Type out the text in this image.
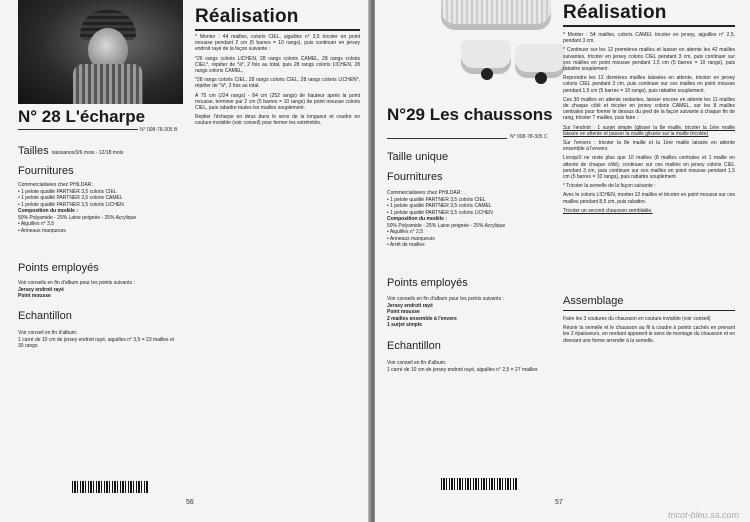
N° 28 L'écharpe
N° 008-78-305 B
Tailles naissance/3/6 mois - 12/18 mois
Fournitures
Commercialisées chez PHILDAR:
• 1 pelote qualité PARTNER 3,5 coloris CIEL
• 1 pelote qualité PARTNER 3,5 coloris CAMEL
• 1 pelote qualité PARTNER 3,5 coloris LICHEN
Composition du modèle :
50% Polyamide - 25% Laine peignée - 25% Acrylique
• Aiguilles n° 3,5
• Anneaux marqueurs
Points employés
Voir conseils en fin d'album pour les points suivants :
Jersey endroit rayé
Point mousse
Echantillon
Voir conseil en fin d'album.
1 carré de 10 cm de jersey endroit rayé, aiguilles n° 3,5 = 23 mailles et
30 rangs
Réalisation

* Monter : 44 mailles, coloris CIEL, aiguilles n° 3,5 tricoter en point mousse pendant 2 cm (5 barres = 10 rangs), puis continuer en jersey endroit rayé de la façon suivante :

*26 rangs coloris LICHEN, 28 rangs coloris CAMEL, 28 rangs coloris CIEL*, répéter de *à*, 2 fois au total, puis 28 rangs coloris LICHEN, 28 rangs coloris CAMEL,

*28 rangs coloris CIEL, 28 rangs coloris CIEL, 28 rangs coloris LICHEN*, répéter de *à*, 3 fois au total.

A 75 cm (224 rangs) - 84 cm (252 rangs) de hauteur après la point mousse, terminer par 2 cm (5 barres = 10 rangs) de point mousse coloris CIEL, puis rabattre toutes les mailles souplement.

Replier l'écharpe en deux dans le sens de la longueur et coudre en couture invisible (voir conseil) pour fermer les extrémités.

56
N°29 Les chaussons
N° 008-78-305 C
Taille unique
Fournitures
Commercialisées chez PHILDAR:
• 1 pelote qualité PARTNER 3,5 coloris CIEL
• 1 pelote qualité PARTNER 3,5 coloris CAMEL
• 1 pelote qualité PARTNER 3,5 coloris LICHEN
Composition du modèle :
50% Polyamide - 25% Laine peignée - 25% Acrylique
• Aiguilles n° 2,5
• Anneaux marqueurs
• Arrêt de mailles
Points employés
Voir conseils en fin d'album pour les points suivants :
Jersey endroit rayé
Point mousse
2 mailles ensemble à l'envers
1 surjet simple
Echantillon
Voir conseil en fin d'album.
1 carré de 10 cm de jersey endroit rayé, aiguilles n° 2,5 = 27 mailles
Réalisation

* Monter : 54 mailles, coloris CAMEL tricoter en jersey, aiguilles n° 2,5, pendant 3 cm.

* Continuer sur les 12 premières mailles et laisser en attente les 42 mailles suivantes, tricoter en jersey coloris CIEL pendant 3 cm, puis continuer sur ces mailles en point mousse pendant 1,5 cm (5 barres = 10 rangs), puis rabattre souplement.

Reprendre les 12 dernières mailles laissées en attente, tricoter en jersey coloris CIEL pendant 3 cm, puis continuer sur ces mailles en point mousse pendant 1,5 cm (5 barres = 10 rangs), puis rabattre souplement.

Ces 30 mailles en attente restantes, laisser encore en attente les 11 mailles de chaque côté et tricoter en jersey coloris CAMEL, sur les 8 mailles centrales pour former le dessus du pied de la façon suivante à chaque fin de rang, tricoter 7 mailles, puis faire :

Sur l'endroit : 1 surjet simple (glisser la 8e maille, tricoter la 1ère maille laissée en attente et passer la maille glissée sur la maille tricotée)

Sur l'envers : tricoter la 8e maille et la 1ère maille laissée en attente ensemble à l'envers.

Lorsqu'il ne reste plus que 10 mailles (8 mailles centrales et 1 maille en attente de chaque côté), continuer sur ces mailles en jersey coloris CIEL pendant 3 cm, puis continuer sur ces mailles en point mousse pendant 1,5 cm (5 barres = 10 rangs), puis rabattre souplement.

* Tricoter la semelle de la façon suivante :

Avec le coloris LICHEN, monter 12 mailles et tricoter en point mousse sur ces mailles pendant 8,5 cm, puis rabattre.

Tricoter un second chausson semblable.

Assemblage

Faire les 3 coutures du chausson en couture invisible (voir conseil)

Réunir la semelle et le chausson au fil à coudre à points cachés en prenant les 2 épaisseurs, en rendant apparent le sens de montage du chausson et en donnant une forme arrondie à la semelle.

57
tricot-bleu.sa.com
